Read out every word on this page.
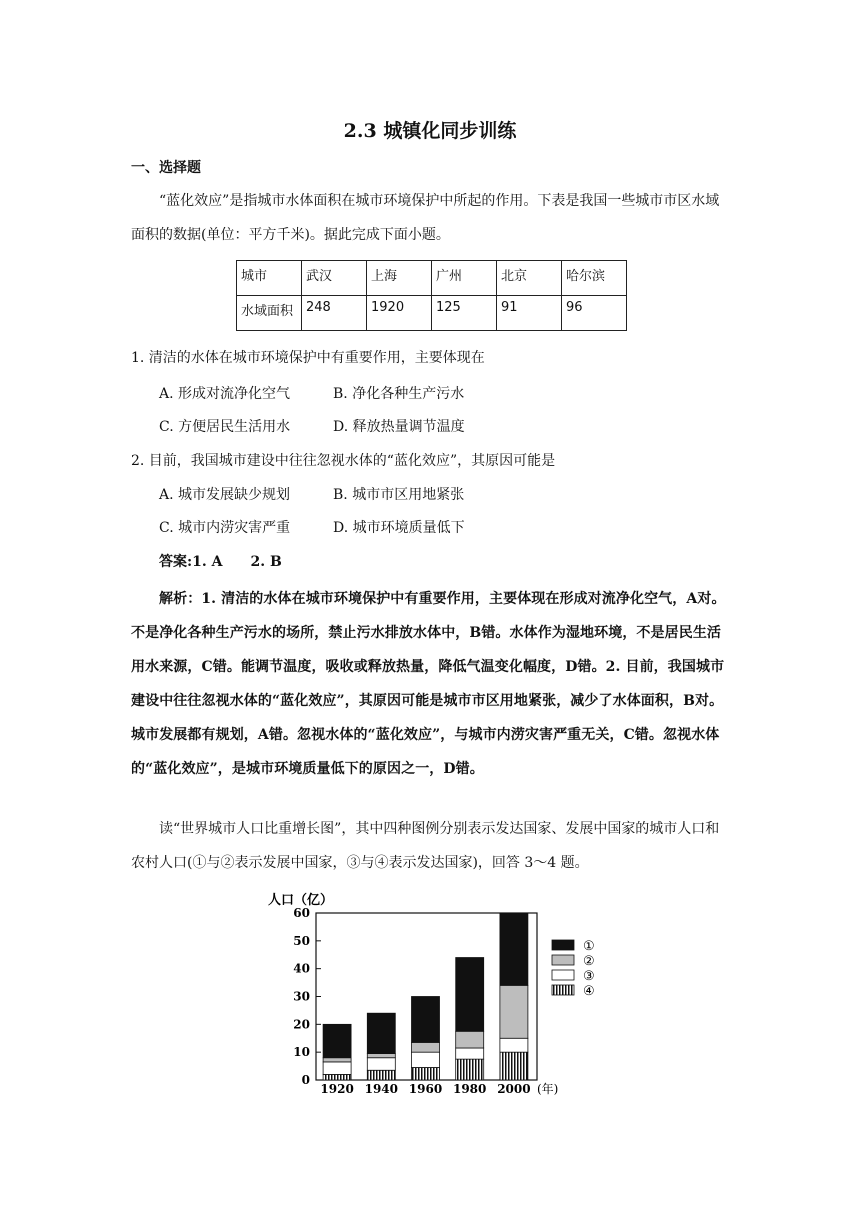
2.3 城镇化同步训练
一、选择题
“蓝化效应”是指城市水体面积在城市环境保护中所起的作用。下表是我国一些城市市区水域面积的数据(单位：平方千米)。据此完成下面小题。
城市	武汉	上海	广州	北京	哈尔滨
水域面积	248	1920	125	91	96
1. 清洁的水体在城市环境保护中有重要作用，主要体现在
A. 形成对流净化空气	B. 净化各种生产污水
C. 方便居民生活用水	D. 释放热量调节温度
2. 目前，我国城市建设中往往忽视水体的“蓝化效应”，其原因可能是
A. 城市发展缺少规划	B. 城市市区用地紧张
C. 城市内涝灾害严重	D. 城市环境质量低下
答案:1. A　　2. B
解析：1. 清洁的水体在城市环境保护中有重要作用，主要体现在形成对流净化空气，A对。不是净化各种生产污水的场所，禁止污水排放水体中，B错。水体作为湿地环境，不是居民生活用水来源，C错。能调节温度，吸收或释放热量，降低气温变化幅度，D错。2. 目前，我国城市建设中往往忽视水体的“蓝化效应”，其原因可能是城市市区用地紧张，减少了水体面积，B对。城市发展都有规划，A错。忽视水体的“蓝化效应”，与城市内涝灾害严重无关，C错。忽视水体的“蓝化效应”，是城市环境质量低下的原因之一，D错。
读“世界城市人口比重增长图”，其中四种图例分别表示发达国家、发展中国家的城市人口和农村人口(①与②表示发展中国家，③与④表示发达国家)，回答 3～4 题。
人口（亿）
0
10
20
30
40
50
60
1920 1940 1960 1980 2000 (年)
①
②
③
④
